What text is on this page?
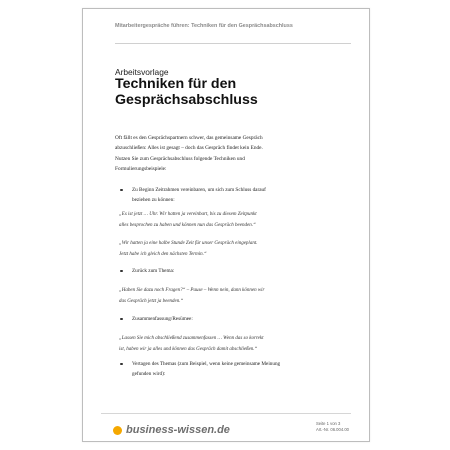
Mitarbeitergespräche führen: Techniken für den Gesprächsabschluss
Arbeitsvorlage
Techniken für den
Gesprächsabschluss
Oft fällt es den Gesprächspartnern schwer, das gemeinsame Gespräch
abzuschließen: Alles ist gesagt – doch das Gespräch findet kein Ende.
Nutzen Sie zum Gesprächsabschluss folgende Techniken und
Formulierungsbeispiele:
Zu Beginn Zeitrahmen vereinbaren, um sich zum Schluss darauf
beziehen zu können:
„Es ist jetzt … Uhr. Wir hatten ja vereinbart, bis zu diesem Zeitpunkt
alles besprochen zu haben und können nun das Gespräch beenden.“
„Wir hatten ja eine halbe Stunde Zeit für unser Gespräch eingeplant.
Jetzt habe ich gleich den nächsten Termin.“
Zurück zum Thema:
„Haben Sie dazu noch Fragen?“ – Pause – Wenn nein, dann können wir
das Gespräch jetzt ja beenden.“
Zusammenfassung/Resümee:
„Lassen Sie mich abschließend zusammenfassen … Wenn das so korrekt
ist, haben wir ja alles und können das Gespräch damit abschließen.“
Vertagen des Themas (zum Beispiel, wenn keine gemeinsame Meinung
gefunden wird):
business-wissen.de
Seite 1 von 3
Art.-Nr. 06.004.00
